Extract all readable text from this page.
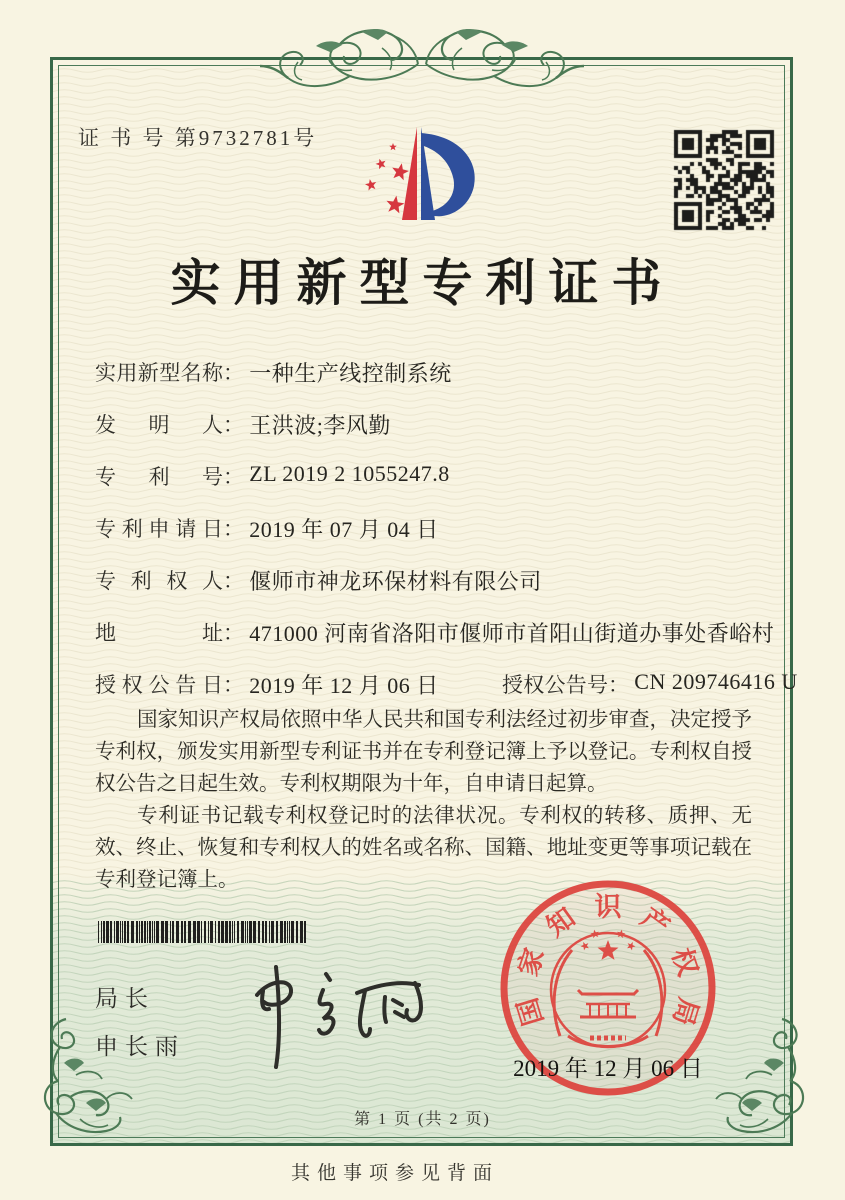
证 书 号 第9732781号
实用新型专利证书
实用新型名称： 一种生产线控制系统
发明人： 王洪波;李风勤
专利号： ZL 2019 2 1055247.8
专利申请日： 2019 年 07 月 04 日
专利权人： 偃师市神龙环保材料有限公司
地址： 471000 河南省洛阳市偃师市首阳山街道办事处香峪村
授权公告日： 2019 年 12 月 06 日	授权公告号： CN 209746416 U

国家知识产权局依照中华人民共和国专利法经过初步审查，决定授予专利权，颁发实用新型专利证书并在专利登记簿上予以登记。专利权自授权公告之日起生效。专利权期限为十年，自申请日起算。

专利证书记载专利权登记时的法律状况。专利权的转移、质押、无效、终止、恢复和专利权人的姓名或名称、国籍、地址变更等事项记载在专利登记簿上。

局长
申长雨
国
家
知 识 产
权
局
2019 年 12 月 06 日
第 1 页 (共 2 页)
其他事项参见背面
